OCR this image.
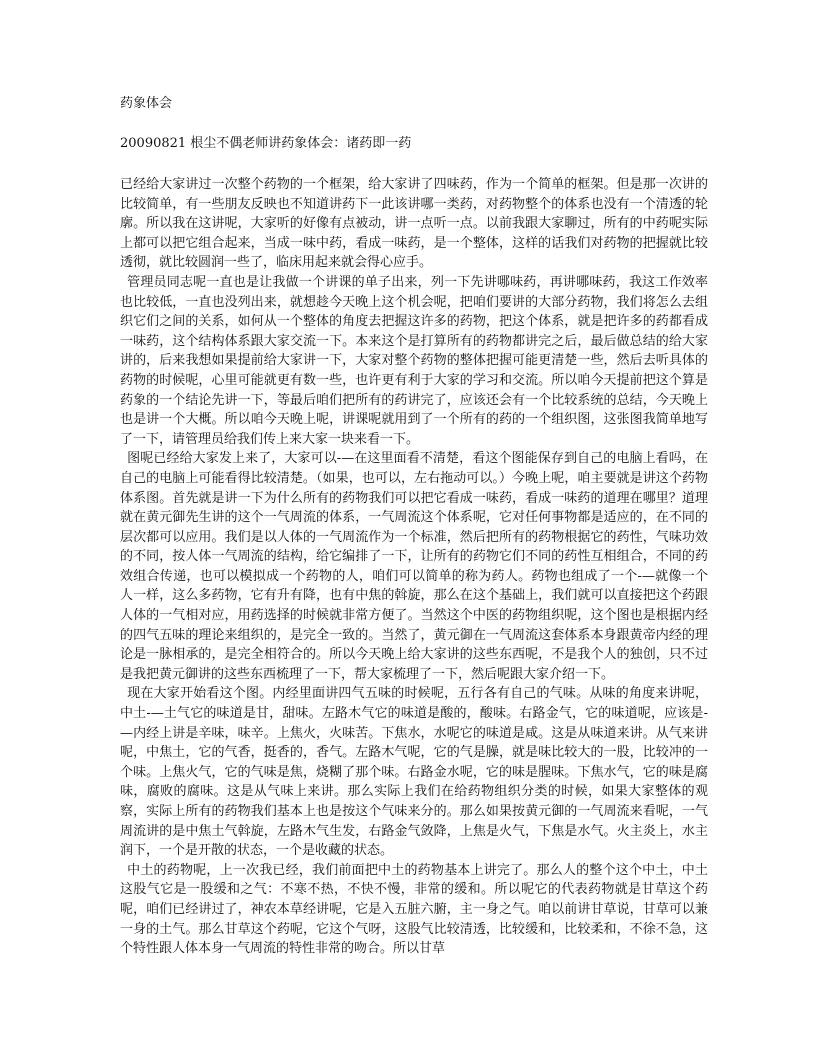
药象体会
20090821 根尘不偶老师讲药象体会：诸药即一药

已经给大家讲过一次整个药物的一个框架，给大家讲了四味药，作为一个简单的框架。但是那一次讲的比较简单，有一些朋友反映也不知道讲药下一此该讲哪一类药，对药物整个的体系也没有一个清透的轮廓。所以我在这讲呢，大家听的好像有点被动，讲一点听一点。以前我跟大家聊过，所有的中药呢实际上都可以把它组合起来，当成一味中药，看成一味药，是一个整体，这样的话我们对药物的把握就比较透彻，就比较圆润一些了，临床用起来就会得心应手。

管理员同志呢一直也是让我做一个讲课的单子出来，列一下先讲哪味药，再讲哪味药，我这工作效率也比较低，一直也没列出来，就想趁今天晚上这个机会呢，把咱们要讲的大部分药物，我们将怎么去组织它们之间的关系，如何从一个整体的角度去把握这许多的药物，把这个体系，就是把许多的药都看成一味药，这个结构体系跟大家交流一下。本来这个是打算所有的药物都讲完之后，最后做总结的给大家讲的，后来我想如果提前给大家讲一下，大家对整个药物的整体把握可能更清楚一些，然后去听具体的药物的时候呢，心里可能就更有数一些，也许更有利于大家的学习和交流。所以咱今天提前把这个算是药象的一个结论先讲一下，等最后咱们把所有的药讲完了，应该还会有一个比较系统的总结，今天晚上也是讲一个大概。所以咱今天晚上呢，讲课呢就用到了一个所有的药的一个组织图，这张图我简单地写了一下，请管理员给我们传上来大家一块来看一下。

图呢已经给大家发上来了，大家可以-—在这里面看不清楚，看这个图能保存到自己的电脑上看吗，在自己的电脑上可能看得比较清楚。（如果，也可以，左右拖动可以。）今晚上呢，咱主要就是讲这个药物体系图。首先就是讲一下为什么所有的药物我们可以把它看成一味药，看成一味药的道理在哪里？道理就在黄元御先生讲的这个一气周流的体系，一气周流这个体系呢，它对任何事物都是适应的，在不同的层次都可以应用。我们是以人体的一气周流作为一个标准，然后把所有的药物根据它的药性，气味功效的不同，按人体一气周流的结构，给它编排了一下，让所有的药物它们不同的药性互相组合，不同的药效组合传递，也可以模拟成一个药物的人，咱们可以简单的称为药人。药物也组成了一个-—就像一个人一样，这么多药物，它有升有降，也有中焦的斡旋，那么在这个基础上，我们就可以直接把这个药跟人体的一气相对应，用药选择的时候就非常方便了。当然这个中医的药物组织呢，这个图也是根据内经的四气五味的理论来组织的，是完全一致的。当然了，黄元御在一气周流这套体系本身跟黄帝内经的理论是一脉相承的，是完全相符合的。所以今天晚上给大家讲的这些东西呢，不是我个人的独创，只不过是我把黄元御讲的这些东西梳理了一下，帮大家梳理了一下，然后呢跟大家介绍一下。

现在大家开始看这个图。内经里面讲四气五味的时候呢，五行各有自己的气味。从味的角度来讲呢，中土-—土气它的味道是甘，甜味。左路木气它的味道是酸的，酸味。右路金气，它的味道呢，应该是-—内经上讲是辛味，味辛。上焦火，火味苦。下焦水，水呢它的味道是咸。这是从味道来讲。从气来讲呢，中焦土，它的气香，挺香的，香气。左路木气呢，它的气是臊，就是味比较大的一股，比较冲的一个味。上焦火气，它的气味是焦，烧糊了那个味。右路金水呢，它的味是腥味。下焦水气，它的味是腐味，腐败的腐味。这是从气味上来讲。那么实际上我们在给药物组织分类的时候，如果大家整体的观察，实际上所有的药物我们基本上也是按这个气味来分的。那么如果按黄元御的一气周流来看呢，一气周流讲的是中焦土气斡旋，左路木气生发，右路金气敛降，上焦是火气，下焦是水气。火主炎上，水主润下，一个是开散的状态，一个是收藏的状态。

中土的药物呢，上一次我已经，我们前面把中土的药物基本上讲完了。那么人的整个这个中土，中土这股气它是一股缓和之气：不寒不热，不快不慢，非常的缓和。所以呢它的代表药物就是甘草这个药呢，咱们已经讲过了，神农本草经讲呢，它是入五脏六腑，主一身之气。咱以前讲甘草说，甘草可以兼一身的土气。那么甘草这个药呢，它这个气呀，这股气比较清透，比较缓和，比较柔和，不徐不急，这个特性跟人体本身一气周流的特性非常的吻合。所以甘草
